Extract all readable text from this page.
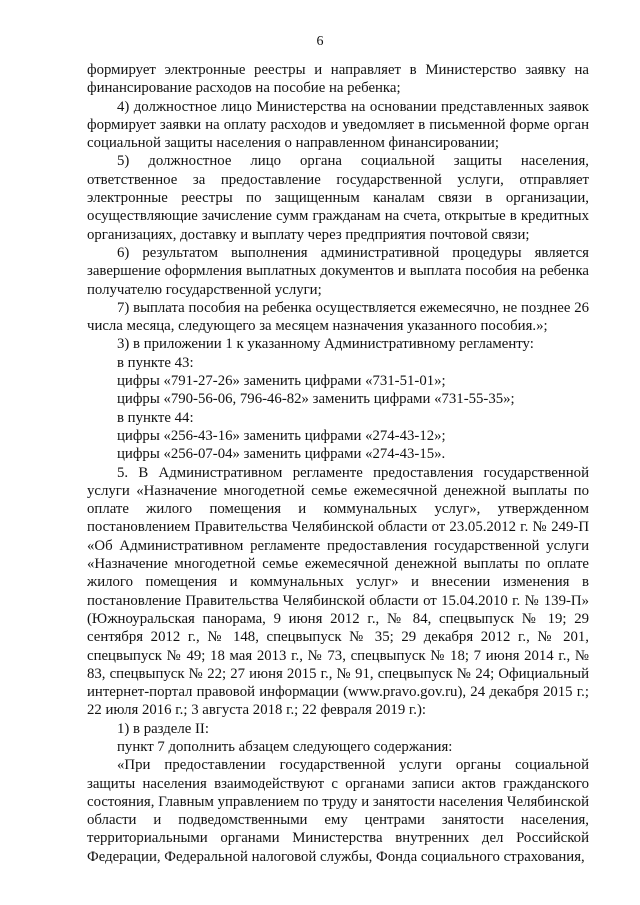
6

формирует электронные реестры и направляет в Министерство заявку на финансирование расходов на пособие на ребенка;

4) должностное лицо Министерства на основании представленных заявок формирует заявки на оплату расходов и уведомляет в письменной форме орган социальной защиты населения о направленном финансировании;

5) должностное лицо органа социальной защиты населения, ответственное за предоставление государственной услуги, отправляет электронные реестры по защищенным каналам связи в организации, осуществляющие зачисление сумм гражданам на счета, открытые в кредитных организациях, доставку и выплату через предприятия почтовой связи;

6) результатом выполнения административной процедуры является завершение оформления выплатных документов и выплата пособия на ребенка получателю государственной услуги;

7) выплата пособия на ребенка осуществляется ежемесячно, не позднее 26 числа месяца, следующего за месяцем назначения указанного пособия.»;

3) в приложении 1 к указанному Административному регламенту:

в пункте 43:

цифры «791-27-26» заменить цифрами «731-51-01»;

цифры «790-56-06, 796-46-82» заменить цифрами «731-55-35»;

в пункте 44:

цифры «256-43-16» заменить цифрами «274-43-12»;

цифры «256-07-04» заменить цифрами «274-43-15».

5. В Административном регламенте предоставления государственной услуги «Назначение многодетной семье ежемесячной денежной выплаты по оплате жилого помещения и коммунальных услуг», утвержденном постановлением Правительства Челябинской области от 23.05.2012 г. № 249-П «Об Административном регламенте предоставления государственной услуги «Назначение многодетной семье ежемесячной денежной выплаты по оплате жилого помещения и коммунальных услуг» и внесении изменения в постановление Правительства Челябинской области от 15.04.2010 г. № 139-П» (Южноуральская панорама, 9 июня 2012 г., № 84, спецвыпуск № 19; 29 сентября 2012 г., № 148, спецвыпуск № 35; 29 декабря 2012 г., № 201, спецвыпуск № 49; 18 мая 2013 г., № 73, спецвыпуск № 18; 7 июня 2014 г., № 83, спецвыпуск № 22; 27 июня 2015 г., № 91, спецвыпуск № 24; Официальный интернет-портал правовой информации (www.pravo.gov.ru), 24 декабря 2015 г.; 22 июля 2016 г.; 3 августа 2018 г.; 22 февраля 2019 г.):

1) в разделе II:

пункт 7 дополнить абзацем следующего содержания:

«При предоставлении государственной услуги органы социальной защиты населения взаимодействуют с органами записи актов гражданского состояния, Главным управлением по труду и занятости населения Челябинской области и подведомственными ему центрами занятости населения, территориальными органами Министерства внутренних дел Российской Федерации, Федеральной налоговой службы, Фонда социального страхования,
